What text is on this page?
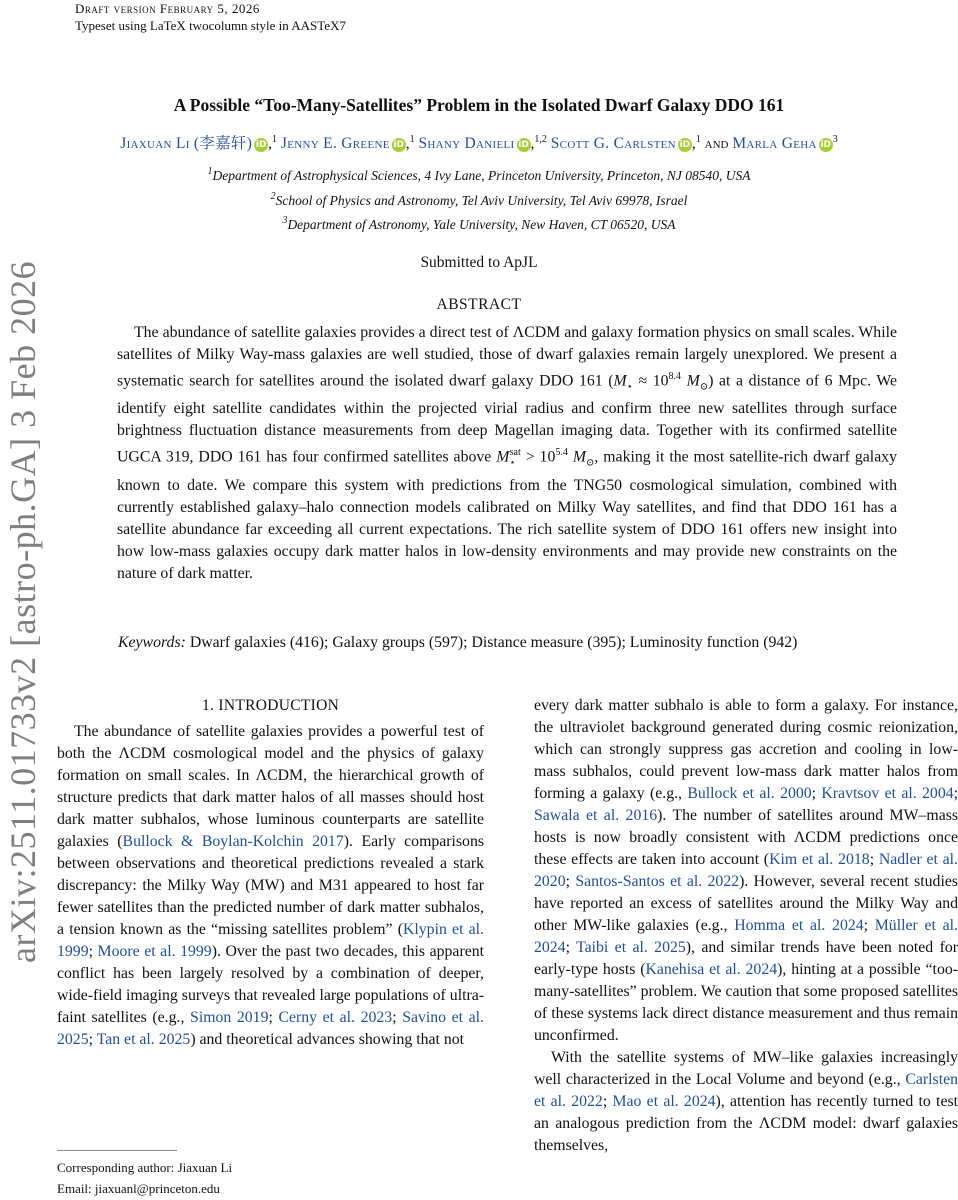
Draft version February 5, 2026
Typeset using LaTeX twocolumn style in AASTeX7
arXiv:2511.01733v2 [astro-ph.GA] 3 Feb 2026
A Possible “Too-Many-Satellites” Problem in the Isolated Dwarf Galaxy DDO 161
Jiaxuan Li (李嘉轩) iD ,$^1$ Jenny E. Greene iD ,$^1$ Shany Danieli iD ,$^{1,2}$ Scott G. Carlsten iD ,$^1$ and Marla Geha iD $^3$
$^1$Department of Astrophysical Sciences, 4 Ivy Lane, Princeton University, Princeton, NJ 08540, USA
$^2$School of Physics and Astronomy, Tel Aviv University, Tel Aviv 69978, Israel
$^3$Department of Astronomy, Yale University, New Haven, CT 06520, USA
Submitted to ApJL
ABSTRACT
The abundance of satellite galaxies provides a direct test of ΛCDM and galaxy formation physics on small scales. While satellites of Milky Way-mass galaxies are well studied, those of dwarf galaxies remain largely unexplored. We present a systematic search for satellites around the isolated dwarf galaxy DDO 161 ($M_⋆ \approx 10^{8.4}$ $M_⊙$) at a distance of 6 Mpc. We identify eight satellite candidates within the projected virial radius and confirm three new satellites through surface brightness fluctuation distance measurements from deep Magellan imaging data. Together with its confirmed satellite UGCA 319, DDO 161 has four confirmed satellites above $M_⋆^{sat} > 10^{5.4}$ $M_⊙$, making it the most satellite-rich dwarf galaxy known to date. We compare this system with predictions from the TNG50 cosmological simulation, combined with currently established galaxy–halo connection models calibrated on Milky Way satellites, and find that DDO 161 has a satellite abundance far exceeding all current expectations. The rich satellite system of DDO 161 offers new insight into how low-mass galaxies occupy dark matter halos in low-density environments and may provide new constraints on the nature of dark matter.
Keywords: Dwarf galaxies (416); Galaxy groups (597); Distance measure (395); Luminosity function (942)
1. INTRODUCTION

The abundance of satellite galaxies provides a powerful test of both the ΛCDM cosmological model and the physics of galaxy formation on small scales. In ΛCDM, the hierarchical growth of structure predicts that dark matter halos of all masses should host dark matter subhalos, whose luminous counterparts are satellite galaxies (Bullock & Boylan-Kolchin 2017). Early comparisons between observations and theoretical predictions revealed a stark discrepancy: the Milky Way (MW) and M31 appeared to host far fewer satellites than the predicted number of dark matter subhalos, a tension known as the “missing satellites problem” (Klypin et al. 1999; Moore et al. 1999). Over the past two decades, this apparent conflict has been largely resolved by a combination of deeper, wide-field imaging surveys that revealed large populations of ultra-faint satellites (e.g., Simon 2019; Cerny et al. 2023; Savino et al. 2025; Tan et al. 2025) and theoretical advances showing that not

every dark matter subhalo is able to form a galaxy. For instance, the ultraviolet background generated during cosmic reionization, which can strongly suppress gas accretion and cooling in low-mass subhalos, could prevent low-mass dark matter halos from forming a galaxy (e.g., Bullock et al. 2000; Kravtsov et al. 2004; Sawala et al. 2016). The number of satellites around MW–mass hosts is now broadly consistent with ΛCDM predictions once these effects are taken into account (Kim et al. 2018; Nadler et al. 2020; Santos-Santos et al. 2022). However, several recent studies have reported an excess of satellites around the Milky Way and other MW-like galaxies (e.g., Homma et al. 2024; Müller et al. 2024; Taibi et al. 2025), and similar trends have been noted for early-type hosts (Kanehisa et al. 2024), hinting at a possible “too-many-satellites” problem. We caution that some proposed satellites of these systems lack direct distance measurement and thus remain unconfirmed.

With the satellite systems of MW–like galaxies increasingly well characterized in the Local Volume and beyond (e.g., Carlsten et al. 2022; Mao et al. 2024), attention has recently turned to test an analogous prediction from the ΛCDM model: dwarf galaxies themselves,

Corresponding author: Jiaxuan Li
Email: jiaxuanl@princeton.edu
